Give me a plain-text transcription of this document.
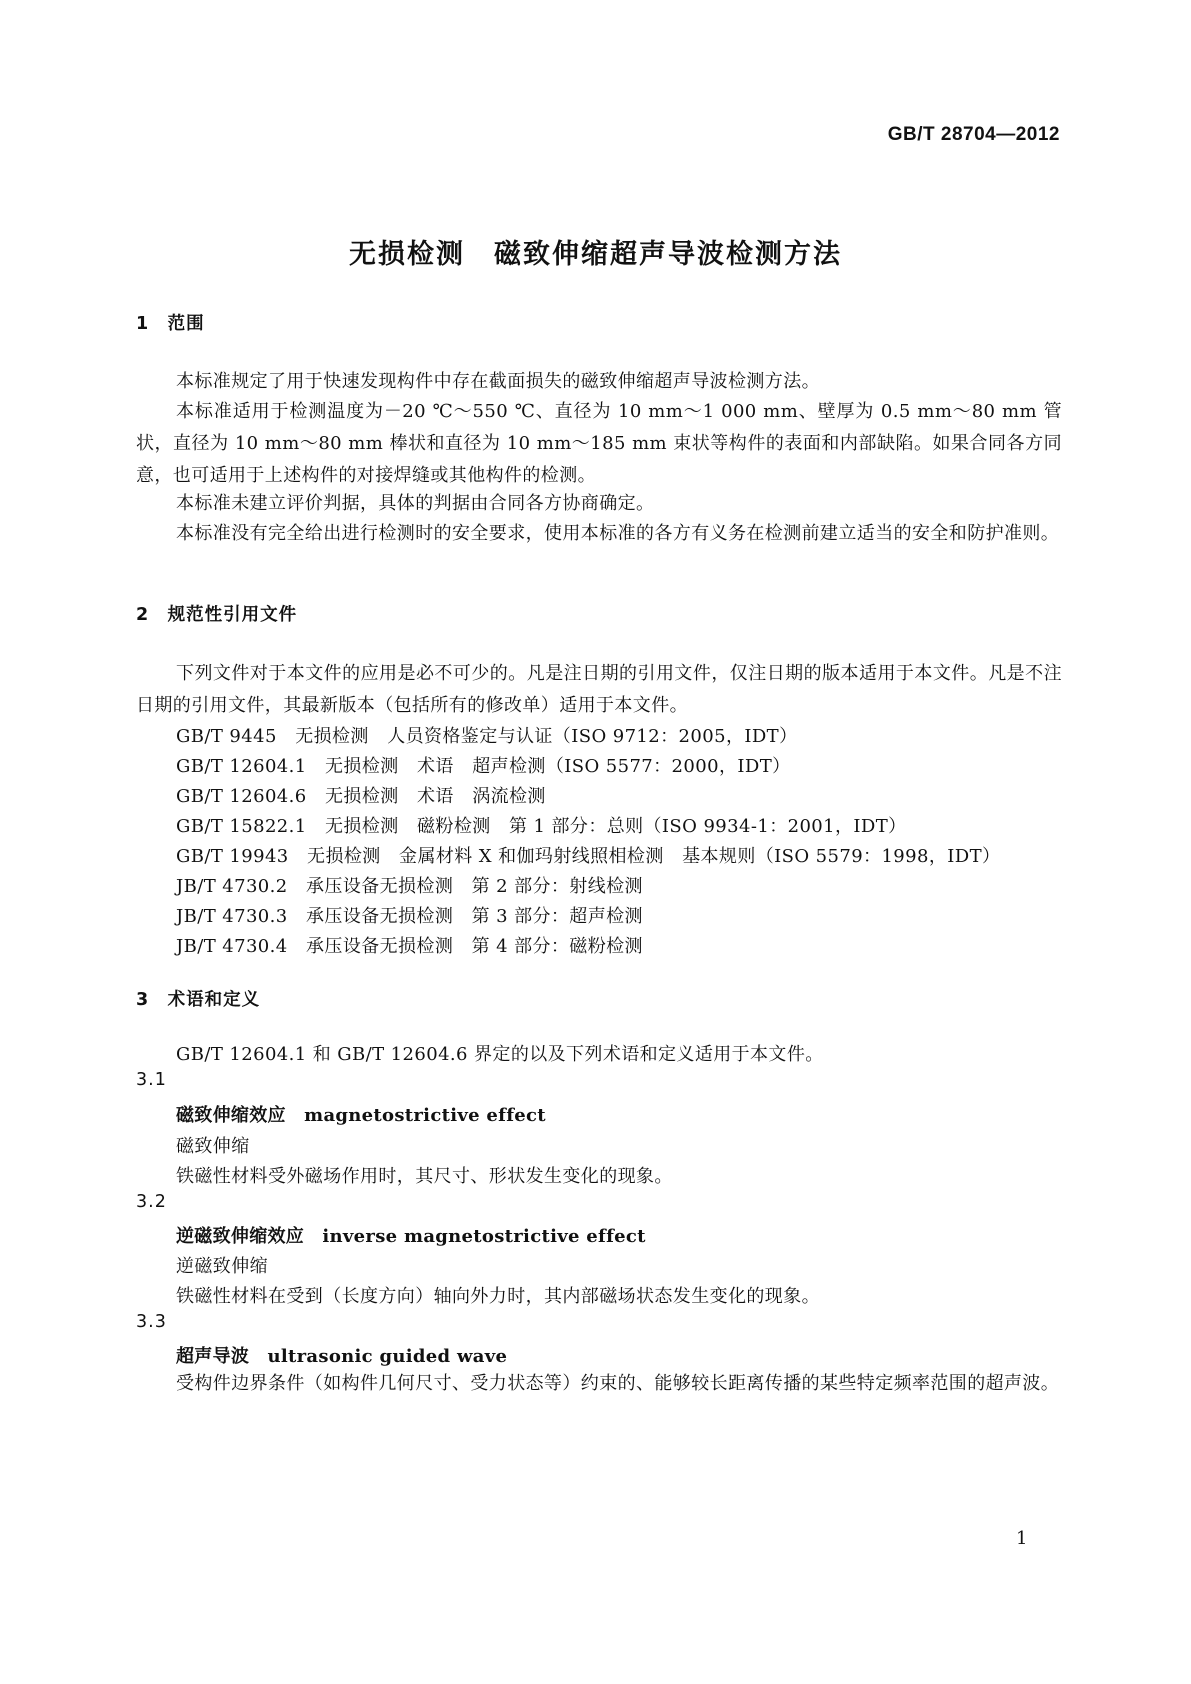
GB/T 28704—2012
无损检测　磁致伸缩超声导波检测方法
1　范围
本标准规定了用于快速发现构件中存在截面损失的磁致伸缩超声导波检测方法。
本标准适用于检测温度为－20 ℃～550 ℃、直径为 10 mm～1 000 mm、壁厚为 0.5 mm～80 mm 管状，直径为 10 mm～80 mm 棒状和直径为 10 mm～185 mm 束状等构件的表面和内部缺陷。如果合同各方同意，也可适用于上述构件的对接焊缝或其他构件的检测。
本标准未建立评价判据，具体的判据由合同各方协商确定。
本标准没有完全给出进行检测时的安全要求，使用本标准的各方有义务在检测前建立适当的安全和防护准则。
2　规范性引用文件
下列文件对于本文件的应用是必不可少的。凡是注日期的引用文件，仅注日期的版本适用于本文件。凡是不注日期的引用文件，其最新版本（包括所有的修改单）适用于本文件。
GB/T 9445　无损检测　人员资格鉴定与认证（ISO 9712：2005，IDT）
GB/T 12604.1　无损检测　术语　超声检测（ISO 5577：2000，IDT）
GB/T 12604.6　无损检测　术语　涡流检测
GB/T 15822.1　无损检测　磁粉检测　第 1 部分：总则（ISO 9934-1：2001，IDT）
GB/T 19943　无损检测　金属材料 X 和伽玛射线照相检测　基本规则（ISO 5579：1998，IDT）
JB/T 4730.2　承压设备无损检测　第 2 部分：射线检测
JB/T 4730.3　承压设备无损检测　第 3 部分：超声检测
JB/T 4730.4　承压设备无损检测　第 4 部分：磁粉检测
3　术语和定义
GB/T 12604.1 和 GB/T 12604.6 界定的以及下列术语和定义适用于本文件。
3.1
磁致伸缩效应　magnetostrictive effect
磁致伸缩
铁磁性材料受外磁场作用时，其尺寸、形状发生变化的现象。
3.2
逆磁致伸缩效应　inverse magnetostrictive effect
逆磁致伸缩
铁磁性材料在受到（长度方向）轴向外力时，其内部磁场状态发生变化的现象。
3.3
超声导波　ultrasonic guided wave
受构件边界条件（如构件几何尺寸、受力状态等）约束的、能够较长距离传播的某些特定频率范围的超声波。
1
